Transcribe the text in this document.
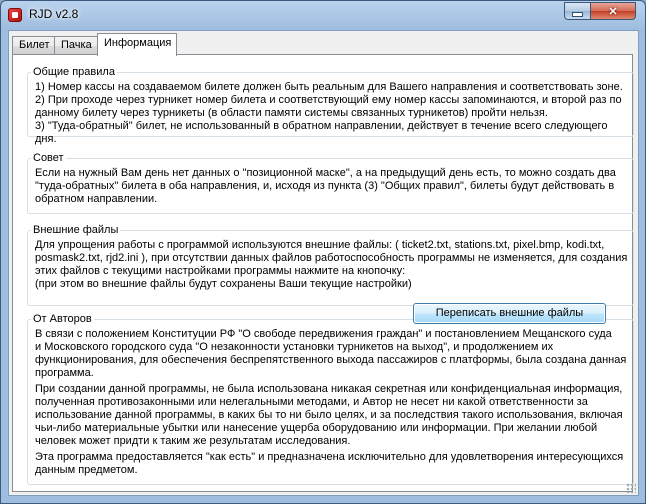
RJD v2.8	✕
Билет	Пачка	Информация
Общие правила

1) Номер кассы на создаваемом билете должен быть реальным для Вашего направления и соответствовать зоне.

2) При проходе через турникет номер билета и соответствующий ему номер кассы запоминаются, и второй раз по

данному билету через турникеты (в области памяти системы связанных турникетов) пройти нельзя.

3) "Туда-обратный" билет, не использованный в обратном направлении, действует в течение всего следующего дня.

Совет

Если на нужный Вам день нет данных о "позиционной маске", а на предыдущий день есть, то можно создать два

"туда-обратных" билета в оба направления, и, исходя из пункта (3) "Общих правил", билеты будут действовать в

обратном направлении.

Внешние файлы

Для упрощения работы с программой используются внешние файлы: ( ticket2.txt, stations.txt, pixel.bmp, kodi.txt,

posmask2.txt, rjd2.ini ), при отсутствии данных файлов работоспособность программы не изменяется, для создания

этих файлов с текущими настройками программы нажмите на кнопочку:

(при этом во внешние файлы будут сохранены Ваши текущие настройки)

От Авторов

В связи с положением Конституции РФ "О свободе передвижения граждан" и постановлением Мещанского суда

и Московского городского суда "О незаконности установки турникетов на выход", и продолжением их

функционирования, для обеспечения беспрепятственного выхода пассажиров с платформы, была создана данная

программа.

При создании данной программы, не была использована никакая секретная или конфиденциальная информация,

полученная противозаконными или нелегальными методами, и Автор не несет ни какой ответственности за

использование данной программы, в каких бы то ни было целях, и за последствия такого использования, включая

чьи-либо материальные убытки или нанесение ущерба оборудованию или информации. При желании любой

человек может придти к таким же результатам исследования.

Эта программа предоставляется "как есть" и предназначена исключительно для удовлетворения интересующихся

данным предметом.

Переписать внешние файлы
